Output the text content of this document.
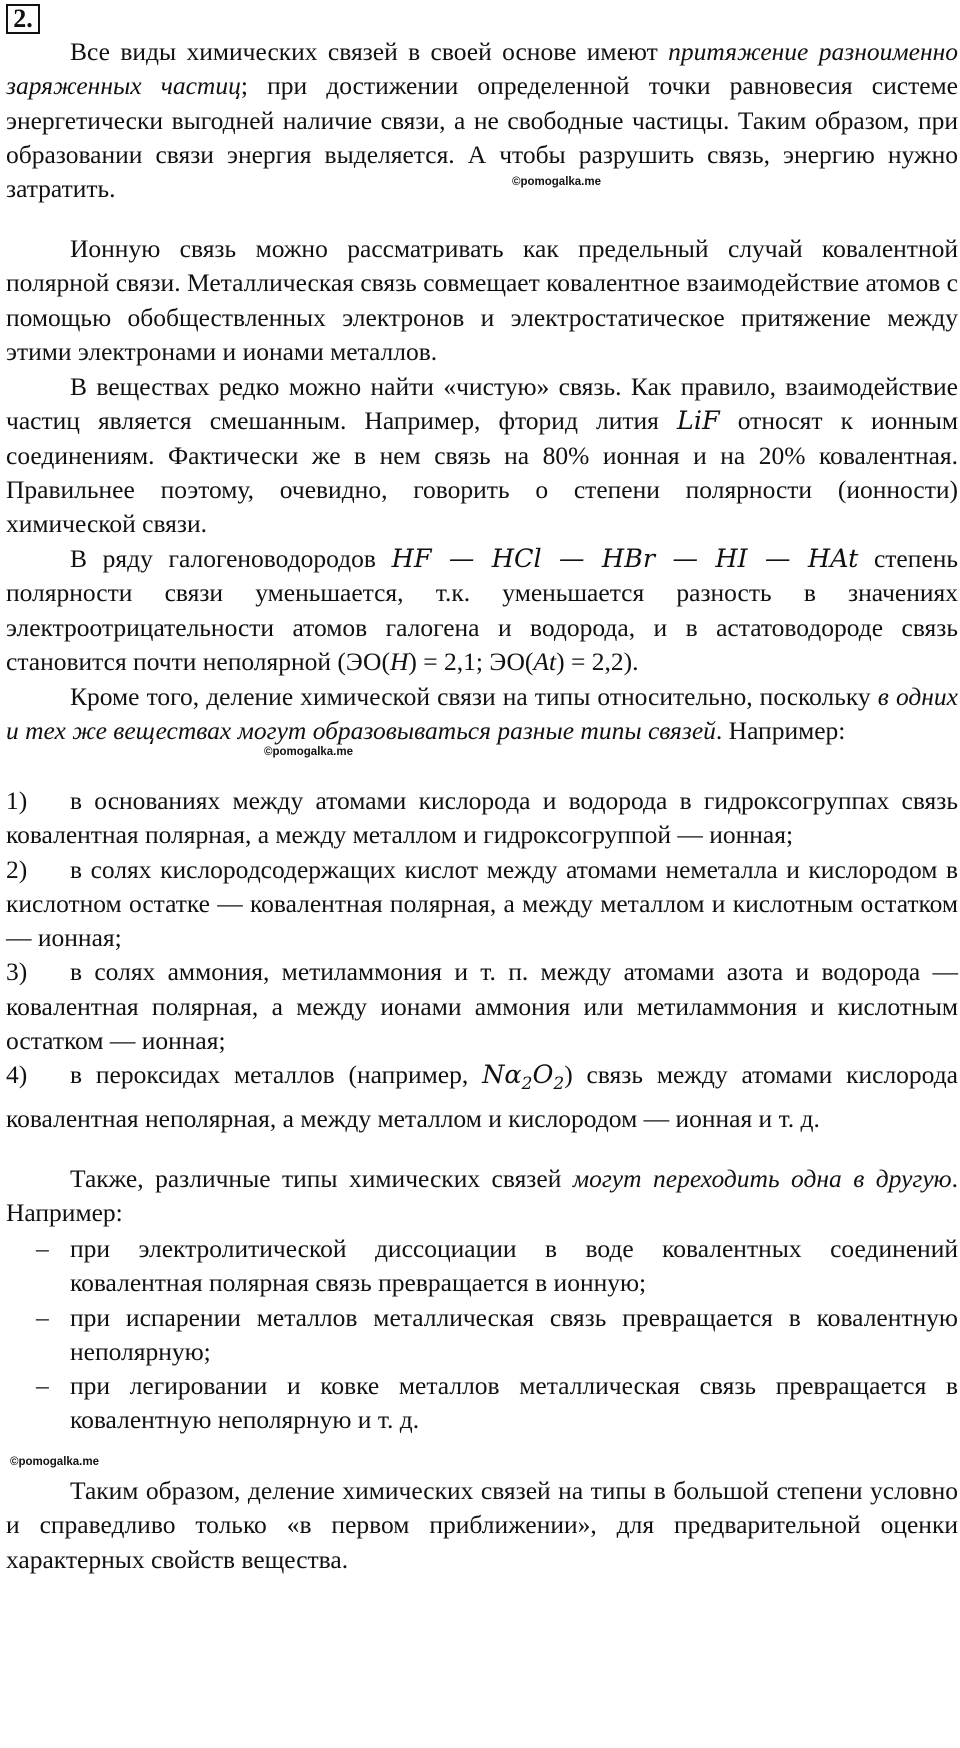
2.

Все виды химических связей в своей основе имеют притяжение разноименно заряженных частиц; при достижении определенной точки равновесия системе энергетически выгодней наличие связи, а не свободные частицы. Таким образом, при образовании связи энергия выделяется. А чтобы разрушить связь, энергию нужно затратить.	©pomogalka.me

Ионную связь можно рассматривать как предельный случай ковалентной полярной связи. Металлическая связь совмещает ковалентное взаимодействие атомов с помощью обобществленных электронов и электростатическое притяжение между этими электронами и ионами металлов.

В веществах редко можно найти «чистую» связь. Как правило, взаимодействие частиц является смешанным. Например, фторид лития LiF относят к ионным соединениям. Фактически же в нем связь на 80% ионная и на 20% ковалентная. Правильнее поэтому, очевидно, говорить о степени полярности (ионности) химической связи.

В ряду галогеноводородов HF — HCl — HBr — HI — HAt степень полярности связи уменьшается, т.к. уменьшается разность в значениях электроотрицательности атомов галогена и водорода, и в астатоводороде связь становится почти неполярной (ЭО(H) = 2,1; ЭО(At) = 2,2).

Кроме того, деление химической связи на типы относительно, поскольку в одних и тех же веществах могут образовываться разные типы связей. Например:

©pomogalka.me
1)	в основаниях между атомами кислорода и водорода в гидроксогруппах связь ковалентная полярная, а между металлом и гидроксогруппой — ионная;

2)	в солях кислородсодержащих кислот между атомами неметалла и кислородом в кислотном остатке — ковалентная полярная, а между металлом и кислотным остатком — ионная;

3)	в солях аммония, метиламмония и т. п. между атомами азота и водорода — ковалентная полярная, а между ионами аммония или метиламмония и кислотным остатком — ионная;

4)	в пероксидах металлов (например, $N\alpha_2O_2$) связь между атомами кислорода ковалентная неполярная, а между металлом и кислородом — ионная и т. д.

Также, различные типы химических связей могут переходить одна в другую. Например:

– при электролитической диссоциации в воде ковалентных соединений ковалентная полярная связь превращается в ионную;

– при испарении металлов металлическая связь превращается в ковалентную неполярную;

– при легировании и ковке металлов металлическая связь превращается в ковалентную неполярную и т. д.

©pomogalka.me

Таким образом, деление химических связей на типы в большой степени условно и справедливо только «в первом приближении», для предварительной оценки характерных свойств вещества.
